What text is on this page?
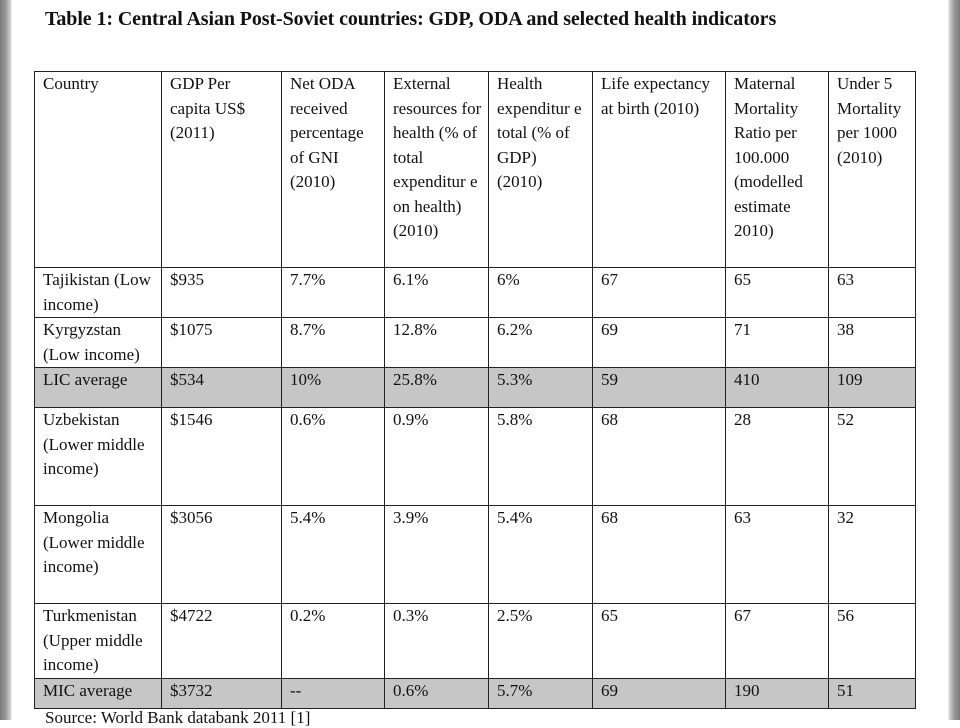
Table 1: Central Asian Post-Soviet countries: GDP, ODA and selected health indicators
Country	GDP Per capita US$ (2011)	Net ODA received percentage of GNI (2010)	External resources for health (% of total expenditur e on health) (2010)	Health expenditur e total (% of GDP) (2010)	Life expectancy at birth (2010)	Maternal Mortality Ratio per 100.000 (modelled estimate 2010)	Under 5 Mortality per 1000 (2010)
Tajikistan (Low income)	$935	7.7%	6.1%	6%	67	65	63
Kyrgyzstan (Low income)	$1075	8.7%	12.8%	6.2%	69	71	38
LIC average	$534	10%	25.8%	5.3%	59	410	109
Uzbekistan (Lower middle income)	$1546	0.6%	0.9%	5.8%	68	28	52
Mongolia (Lower middle income)	$3056	5.4%	3.9%	5.4%	68	63	32
Turkmenistan (Upper middle income)	$4722	0.2%	0.3%	2.5%	65	67	56
MIC average	$3732	--	0.6%	5.7%	69	190	51
Source: World Bank databank 2011 [1]
